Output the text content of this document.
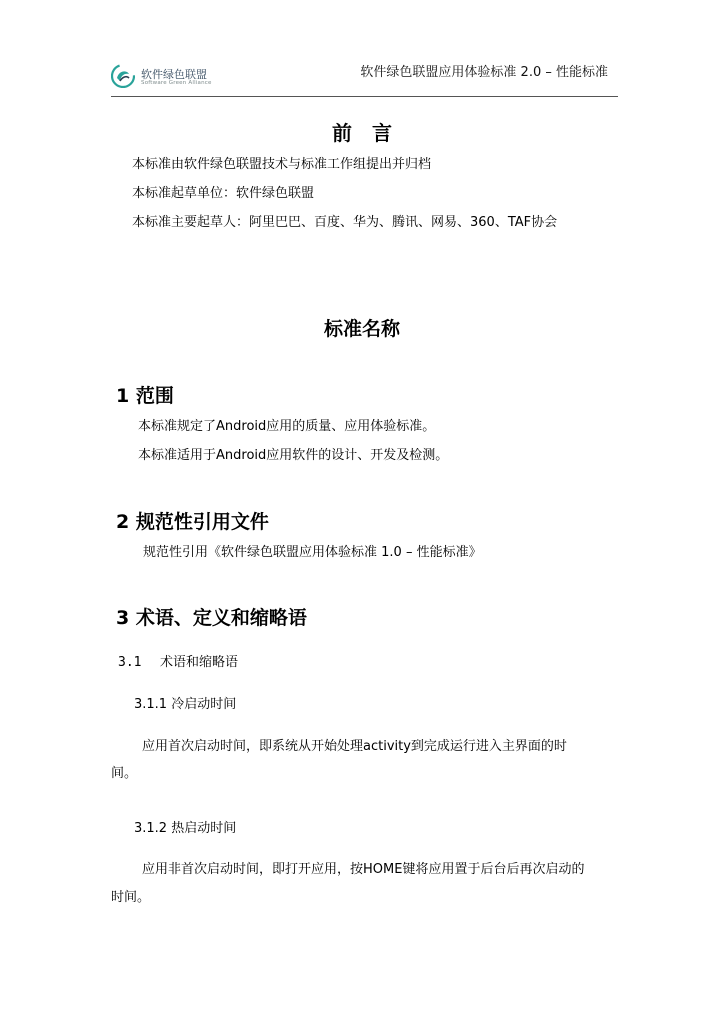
软件绿色联盟
Software Green Alliance
软件绿色联盟应用体验标准 2.0 – 性能标准
前言
本标准由软件绿色联盟技术与标准工作组提出并归档
本标准起草单位：软件绿色联盟
本标准主要起草人：阿里巴巴、百度、华为、腾讯、网易、360、TAF协会
标准名称
1 范围
本标准规定了Android应用的质量、应用体验标准。
本标准适用于Android应用软件的设计、开发及检测。
2 规范性引用文件
规范性引用《软件绿色联盟应用体验标准 1.0 – 性能标准》
3 术语、定义和缩略语
3.1 术语和缩略语
3.1.1 冷启动时间
应用首次启动时间，即系统从开始处理activity到完成运行进入主界面的时
间。
3.1.2 热启动时间
应用非首次启动时间，即打开应用，按HOME键将应用置于后台后再次启动的
时间。
